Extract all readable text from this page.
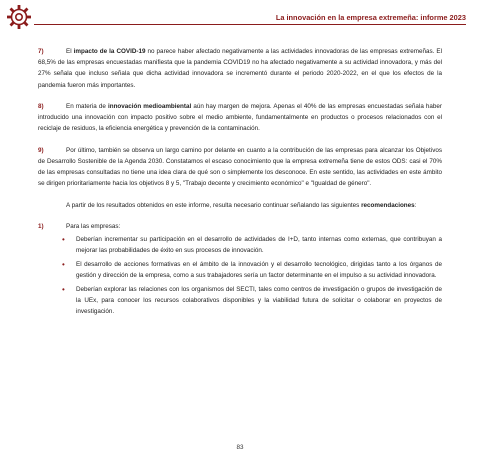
La innovación en la empresa extremeña: informe 2023

7)	El impacto de la COVID-19 no parece haber afectado negativamente a las actividades innovadoras de las empresas extremeñas. El 68,5% de las empresas encuestadas manifiesta que la pandemia COVID19 no ha afectado negativamente a su actividad innovadora, y más del 27% señala que incluso señala que dicha actividad innovadora se incrementó durante el periodo 2020-2022, en el que los efectos de la pandemia fueron más importantes.

8)	En materia de innovación medioambiental aún hay margen de mejora. Apenas el 40% de las empresas encuestadas señala haber introducido una innovación con impacto positivo sobre el medio ambiente, fundamentalmente en productos o procesos relacionados con el reciclaje de residuos, la eficiencia energética y prevención de la contaminación.

9)	Por último, también se observa un largo camino por delante en cuanto a la contribución de las empresas para alcanzar los Objetivos de Desarrollo Sostenible de la Agenda 2030. Constatamos el escaso conocimiento que la empresa extremeña tiene de estos ODS: casi el 70% de las empresas consultadas no tiene una idea clara de qué son o simplemente los desconoce. En este sentido, las actividades en este ámbito se dirigen prioritariamente hacia los objetivos 8 y 5, "Trabajo decente y crecimiento económico" e "Igualdad de género".

A partir de los resultados obtenidos en este informe, resulta necesario continuar señalando las siguientes recomendaciones:

1)	Para las empresas:
• Deberían incrementar su participación en el desarrollo de actividades de I+D, tanto internas como externas, que contribuyan a mejorar las probabilidades de éxito en sus procesos de innovación.
• El desarrollo de acciones formativas en el ámbito de la innovación y el desarrollo tecnológico, dirigidas tanto a los órganos de gestión y dirección de la empresa, como a sus trabajadores sería un factor determinante en el impulso a su actividad innovadora.
• Deberían explorar las relaciones con los organismos del SECTI, tales como centros de investigación o grupos de investigación de la UEx, para conocer los recursos colaborativos disponibles y la viabilidad futura de solicitar o colaborar en proyectos de investigación.
83
